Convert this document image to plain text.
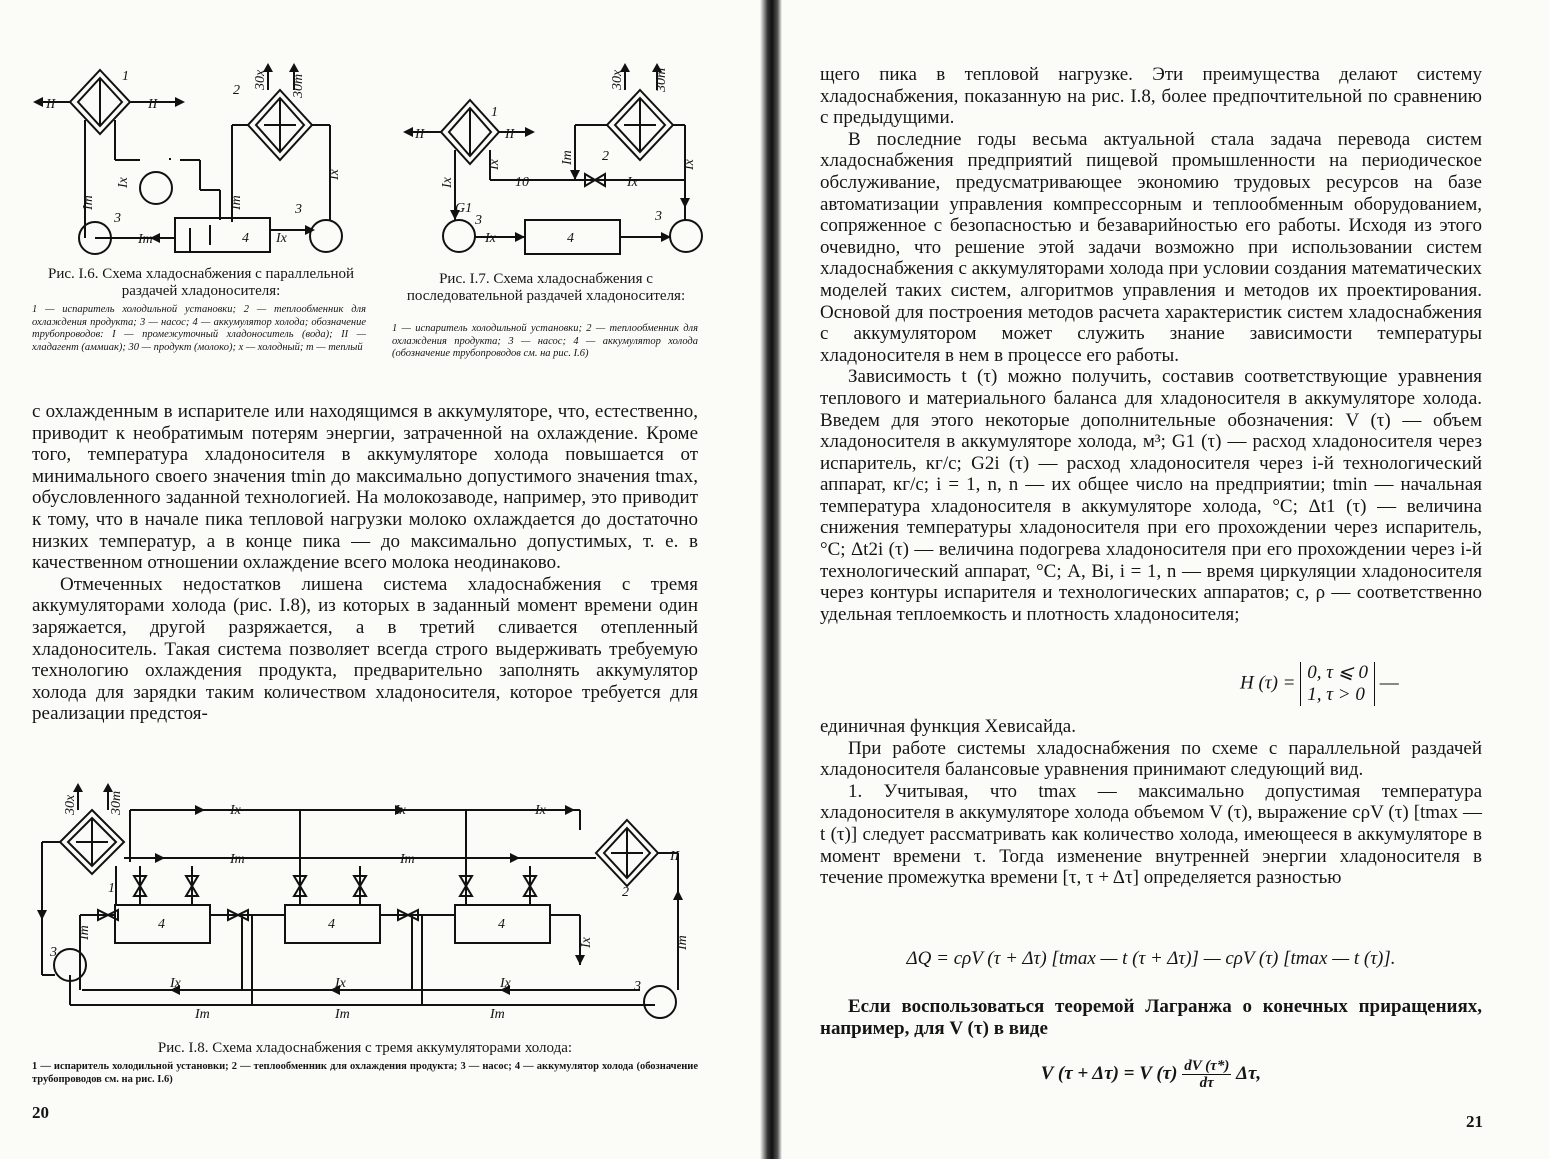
II	II
1
2
30x 30т
Ix
Iт	Iт
Ix
Iт	Ix
3
3
4
Рис. I.6. Схема хладоснабжения с параллельной раздачей хладоносителя:
1 — испаритель холодильной установки; 2 — теплообменник для охлаждения продукта; 3 — насос; 4 — аккумулятор холода; обозначение трубопроводов: I — промежуточный хладоноситель (вода); II — хладагент (аммиак); 30 — продукт (молоко); х — холодный; т — теплый
II	II
1
2
30x 30т
Ix
Ix	Iт
Ix
Ix
10
G1
3	3
4
Ix
Рис. I.7. Схема хладоснабжения с последовательной раздачей хладоносителя:
1 — испаритель холодильной установки; 2 — теплообменник для охлаждения продукта; 3 — насос; 4 — аккумулятор холода (обозначение трубопроводов см. на рис. I.6)

с охлажденным в испарителе или находящимся в аккумуляторе, что, естественно, приводит к необратимым потерям энергии, затраченной на охлаждение. Кроме того, температура хладоносителя в аккумуляторе холода повышается от минимального своего значения tmin до максимально допустимого значения tmax, обусловленного заданной технологией. На молокозаводе, например, это приводит к тому, что в начале пика тепловой нагрузки молоко охлаждается до достаточно низких температур, а в конце пика — до максимально допустимых, т. е. в качественном отношении охлаждение всего молока неодинаково.

Отмеченных недостатков лишена система хладоснабжения с тремя аккумуляторами холода (рис. I.8), из которых в заданный момент времени один заряжается, другой разряжается, а в третий сливается отепленный хладоноситель. Такая система позволяет всегда строго выдерживать требуемую технологию охлаждения продукта, предварительно заполнять аккумулятор холода для зарядки таким количеством хладоносителя, которое требуется для реализации предстоя-

30x 30т	Ix	Ix	Ix
Iт	Iт	II
1	2
4	4	4
3
3
Iт
Ix	Iт
Ix	Ix	Ix
Iт	Iт	Iт
Рис. I.8. Схема хладоснабжения с тремя аккумуляторами холода:
1 — испаритель холодильной установки; 2 — теплообменник для охлаждения продукта; 3 — насос; 4 — аккумулятор холода (обозначение трубопроводов см. на рис. I.6)
20

щего пика в тепловой нагрузке. Эти преимущества делают систему хладоснабжения, показанную на рис. I.8, более предпочтительной по сравнению с предыдущими.

В последние годы весьма актуальной стала задача перевода систем хладоснабжения предприятий пищевой промышленности на периодическое обслуживание, предусматривающее экономию трудовых ресурсов на базе автоматизации управления компрессорным и теплообменным оборудованием, сопряженное с безопасностью и безаварийностью его работы. Исходя из этого очевидно, что решение этой задачи возможно при использовании систем хладоснабжения с аккумуляторами холода при условии создания математических моделей таких систем, алгоритмов управления и методов их проектирования. Основой для построения методов расчета характеристик систем хладоснабжения с аккумулятором может служить знание зависимости температуры хладоносителя в нем в процессе его работы.

Зависимость t (τ) можно получить, составив соответствующие уравнения теплового и материального баланса для хладоносителя в аккумуляторе холода. Введем для этого некоторые дополнительные обозначения: V (τ) — объем хладоносителя в аккумуляторе холода, м³; G1 (τ) — расход хладоносителя через испаритель, кг/с; G2i (τ) — расход хладоносителя через i-й технологический аппарат, кг/с; i = 1, n, n — их общее число на предприятии; tmin — начальная температура хладоносителя в аккумуляторе холода, °С; Δt1 (τ) — величина снижения температуры хладоносителя при его прохождении через испаритель, °С; Δt2i (τ) — величина подогрева хладоносителя при его прохождении через i-й технологический аппарат, °С; A, Bi, i = 1, n — время циркуляции хладоносителя через контуры испарителя и технологических аппаратов; c, ρ — соответственно удельная теплоемкость и плотность хладоносителя;

H (τ) = 0, τ ⩽ 0
1, τ > 0
—

единичная функция Хевисайда.

При работе системы хладоснабжения по схеме с параллельной раздачей хладоносителя балансовые уравнения принимают следующий вид.

1. Учитывая, что tmax — максимально допустимая температура хладоносителя в аккумуляторе холода объемом V (τ), выражение cρV (τ) [tmax — t (τ)] следует рассматривать как количество холода, имеющееся в аккумуляторе в момент времени τ. Тогда изменение внутренней энергии хладоносителя в течение промежутка времени [τ, τ + Δτ] определяется разностью

ΔQ = cρV (τ + Δτ) [tmax — t (τ + Δτ)] — cρV (τ) [tmax — t (τ)].
Если воспользоваться теоремой Лагранжа о конечных приращениях, например, для V (τ) в виде
V (τ + Δτ) = V $(\tau) \frac{dV (\tau*)}{d\tau} \Delta\tau$,
21
